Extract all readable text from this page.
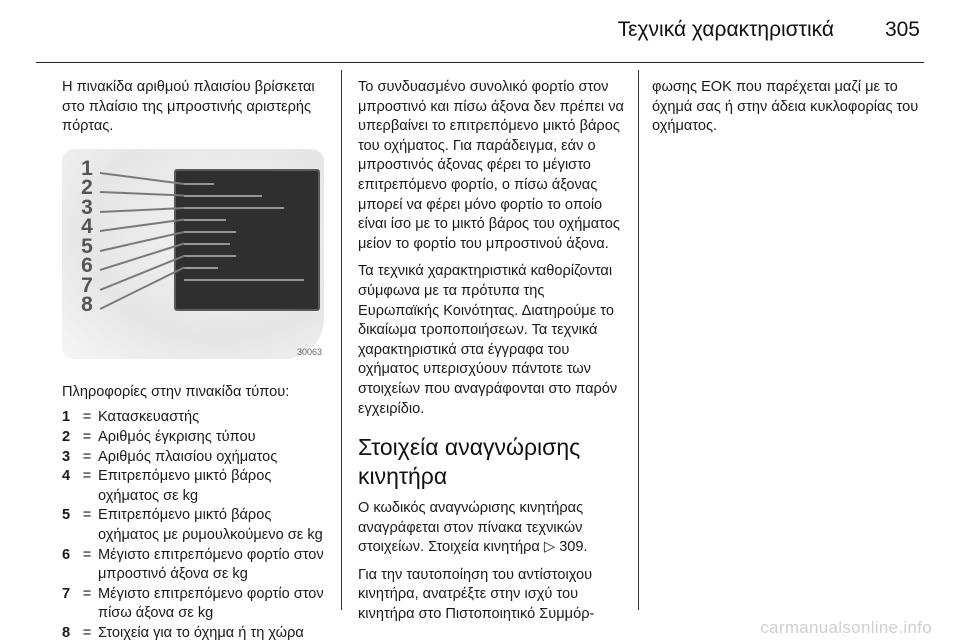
Τεχνικά χαρακτηριστικά 305

Η πινακίδα αριθμού πλαισίου βρίσκεται στο πλαίσιο της μπροστινής αριστερής πόρτας.

30063
1
2
3
4
5
6
7
8

Πληροφορίες στην πινακίδα τύπου:

1 = Κατασκευαστής
2 = Αριθμός έγκρισης τύπου
3 = Αριθμός πλαισίου οχήματος
4 = Επιτρεπόμενο μικτό βάρος οχήματος σε kg
5 = Επιτρεπόμενο μικτό βάρος οχήματος με ρυμουλκούμενο σε kg
6 = Μέγιστο επιτρεπόμενο φορτίο στον μπροστινό άξονα σε kg
7 = Μέγιστο επιτρεπόμενο φορτίο στον πίσω άξονα σε kg
8 = Στοιχεία για το όχημα ή τη χώρα

Το συνδυασμένο συνολικό φορτίο στον μπροστινό και πίσω άξονα δεν πρέπει να υπερβαίνει το επιτρεπόμενο μικτό βάρος του οχήματος. Για παράδειγμα, εάν ο μπροστινός άξονας φέρει το μέγιστο επιτρεπόμενο φορτίο, ο πίσω άξονας μπορεί να φέρει μόνο φορτίο το οποίο είναι ίσο με το μικτό βάρος του οχήματος μείον το φορτίο του μπροστινού άξονα.

Τα τεχνικά χαρακτηριστικά καθορίζονται σύμφωνα με τα πρότυπα της Ευρωπαϊκής Κοινότητας. Διατηρούμε το δικαίωμα τροποποιήσεων. Τα τεχνικά χαρακτηριστικά στα έγγραφα του οχήματος υπερισχύουν πάντοτε των στοιχείων που αναγράφονται στο παρόν εγχειρίδιο.

Στοιχεία αναγνώρισης κινητήρα

Ο κωδικός αναγνώρισης κινητήρας αναγράφεται στον πίνακα τεχνικών στοιχείων. Στοιχεία κινητήρα ▷ 309.

Για την ταυτοποίηση του αντίστοιχου κινητήρα, ανατρέξτε στην ισχύ του κινητήρα στο Πιστοποιητικό Συμμόρ-

φωσης ΕΟΚ που παρέχεται μαζί με το όχημά σας ή στην άδεια κυκλοφορίας του οχήματος.

carmanualsonline.info
